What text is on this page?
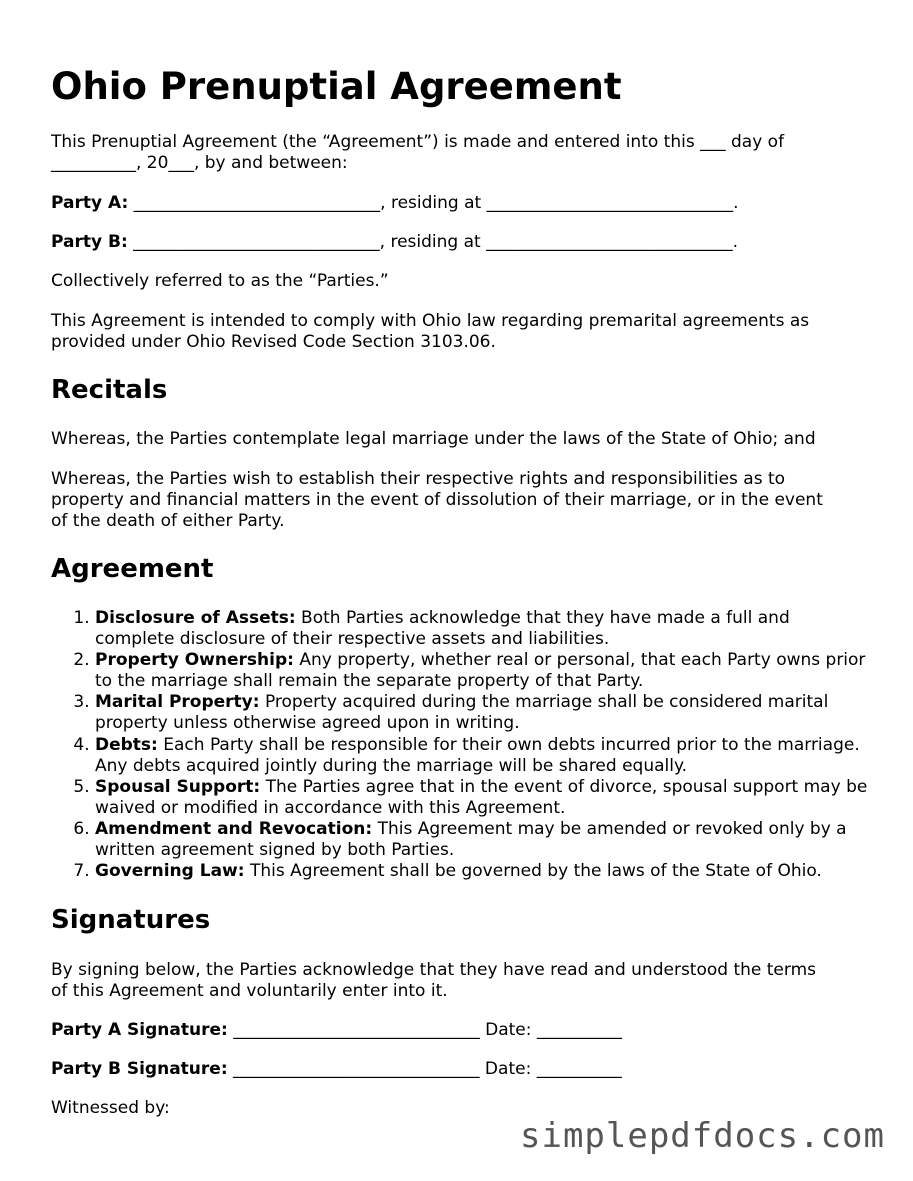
Ohio Prenuptial Agreement

This Prenuptial Agreement (the “Agreement”) is made and entered into this ___ day of
__________, 20___, by and between:

Party A: _____________________________, residing at _____________________________.

Party B: _____________________________, residing at _____________________________.

Collectively referred to as the “Parties.”

This Agreement is intended to comply with Ohio law regarding premarital agreements as
provided under Ohio Revised Code Section 3103.06.

Recitals

Whereas, the Parties contemplate legal marriage under the laws of the State of Ohio; and

Whereas, the Parties wish to establish their respective rights and responsibilities as to
property and financial matters in the event of dissolution of their marriage, or in the event
of the death of either Party.

Agreement
1. Disclosure of Assets: Both Parties acknowledge that they have made a full and complete disclosure of their respective assets and liabilities.
2. Property Ownership: Any property, whether real or personal, that each Party owns prior to the marriage shall remain the separate property of that Party.
3. Marital Property: Property acquired during the marriage shall be considered marital property unless otherwise agreed upon in writing.
4. Debts: Each Party shall be responsible for their own debts incurred prior to the marriage. Any debts acquired jointly during the marriage will be shared equally.
5. Spousal Support: The Parties agree that in the event of divorce, spousal support may be waived or modified in accordance with this Agreement.
6. Amendment and Revocation: This Agreement may be amended or revoked only by a written agreement signed by both Parties.
7. Governing Law: This Agreement shall be governed by the laws of the State of Ohio.
Signatures

By signing below, the Parties acknowledge that they have read and understood the terms
of this Agreement and voluntarily enter into it.

Party A Signature: _____________________________ Date: __________

Party B Signature: _____________________________ Date: __________

Witnessed by:

simplepdfdocs.com
